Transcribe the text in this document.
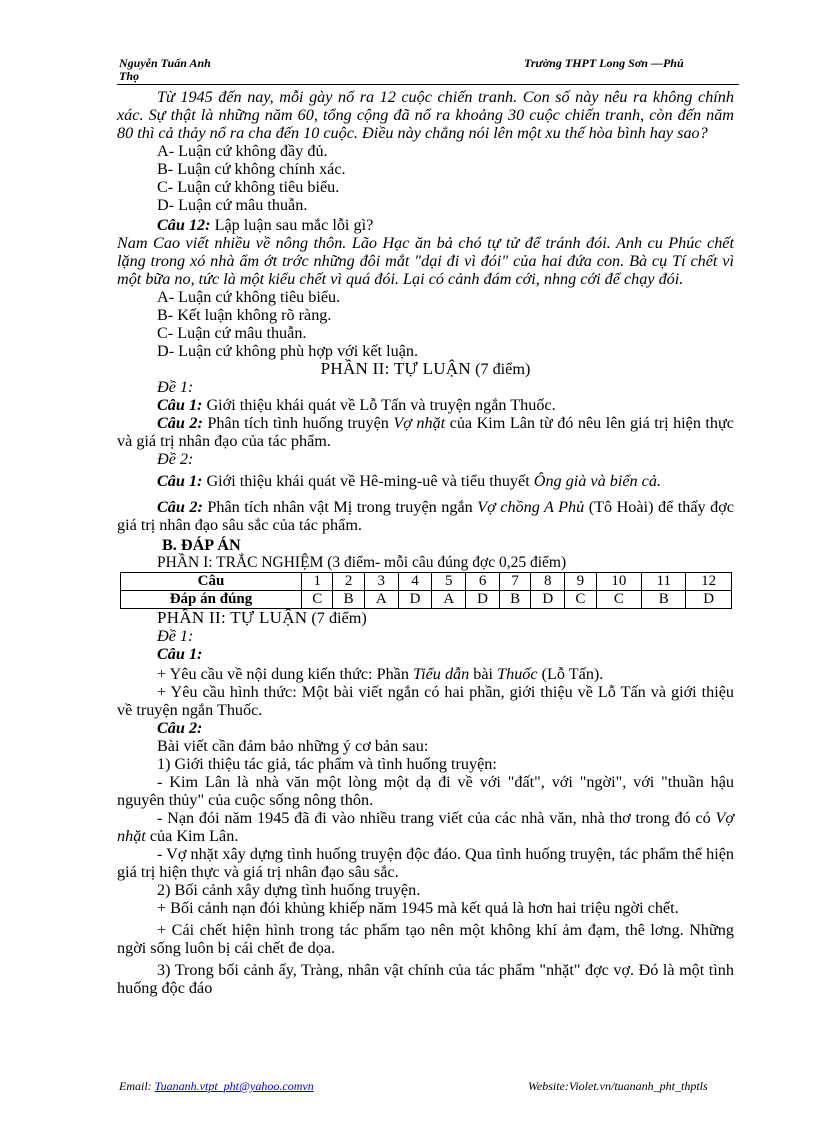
Nguyễn Tuấn Anh
Thọ
Trường THPT Long Sơn —Phú

Từ 1945 đến nay, mỗi gày nổ ra 12 cuộc chiến tranh. Con số này nêu ra không chính xác. Sự thật là những năm 60, tổng cộng đã nổ ra khoảng 30 cuộc chiến tranh, còn đến năm 80 thì cả thảy nổ ra cha đến 10 cuộc. Điều này chẳng nói lên một xu thế hòa bình hay sao?

A- Luận cứ không đầy đủ.

B- Luận cứ không chính xác.

C- Luận cứ không tiêu biểu.

D- Luận cứ mâu thuẫn.

Câu 12: Lập luận sau mắc lỗi gì?

Nam Cao viết nhiều về nông thôn. Lão Hạc ăn bả chó tự tử để tránh đói. Anh cu Phúc chết lặng trong xó nhà ẩm ớt trớc những đôi mắt "dại đi vì đói" của hai đứa con. Bà cụ Tí chết vì một bữa no, tức là một kiểu chết vì quá đói. Lại có cảnh đám cới, nhng cới để chạy đói.

A- Luận cứ không tiêu biểu.

B- Kết luận không rõ ràng.

C- Luận cứ mâu thuẫn.

D- Luận cứ không phù hợp với kết luận.

PHẦN II: TỰ LUẬN (7 điểm)

Đề 1:

Câu 1: Giới thiệu khái quát về Lỗ Tấn và truyện ngắn Thuốc.

Câu 2: Phân tích tình huống truyện Vợ nhặt của Kim Lân từ đó nêu lên giá trị hiện thực và giá trị nhân đạo của tác phẩm.

Đề 2:

Câu 1: Giới thiệu khái quát về Hê-ming-uê và tiểu thuyết Ông già và biển cả.

Câu 2: Phân tích nhân vật Mị trong truyện ngắn Vợ chồng A Phủ (Tô Hoài) để thấy đợc giá trị nhân đạo sâu sắc của tác phẩm.

B. ĐÁP ÁN

PHẦN I: TRẮC NGHIỆM (3 điểm- mỗi câu đúng đợc 0,25 điểm)

Câu	1	2	3	4	5	6	7	8	9	10	11	12
Đáp án đúng	C	B	A	D	A	D	B	D	C	C	B	D

PHẦN II: TỰ LUẬN (7 điểm)

Đề 1:

Câu 1:

+ Yêu cầu về nội dung kiến thức: Phần Tiểu dẫn bài Thuốc (Lỗ Tấn).

+ Yêu cầu hình thức: Một bài viết ngắn có hai phần, giới thiệu về Lỗ Tấn và giới thiệu về truyện ngắn Thuốc.

Câu 2:

Bài viết cần đảm bảo những ý cơ bản sau:

1) Giới thiệu tác giả, tác phẩm và tình huống truyện:

- Kim Lân là nhà văn một lòng một dạ đi về với "đất", với "ngời", với "thuần hậu nguyên thủy" của cuộc sống nông thôn.

- Nạn đói năm 1945 đã đi vào nhiều trang viết của các nhà văn, nhà thơ trong đó có Vợ nhặt của Kim Lân.

- Vợ nhặt xây dựng tình huống truyện độc đáo. Qua tình huống truyện, tác phẩm thể hiện giá trị hiện thực và giá trị nhân đạo sâu sắc.

2) Bối cảnh xây dựng tình huống truyện.

+ Bối cảnh nạn đói khủng khiếp năm 1945 mà kết quả là hơn hai triệu ngời chết.

+ Cái chết hiện hình trong tác phẩm tạo nên một không khí ảm đạm, thê lơng. Những ngời sống luôn bị cái chết đe dọa.

3) Trong bối cảnh ấy, Tràng, nhân vật chính của tác phẩm "nhặt" đợc vợ. Đó là một tình huống độc đáo

Email: Tuananh.vtpt_pht@yahoo.comvn	Website:Violet.vn/tuananh_pht_thptls
